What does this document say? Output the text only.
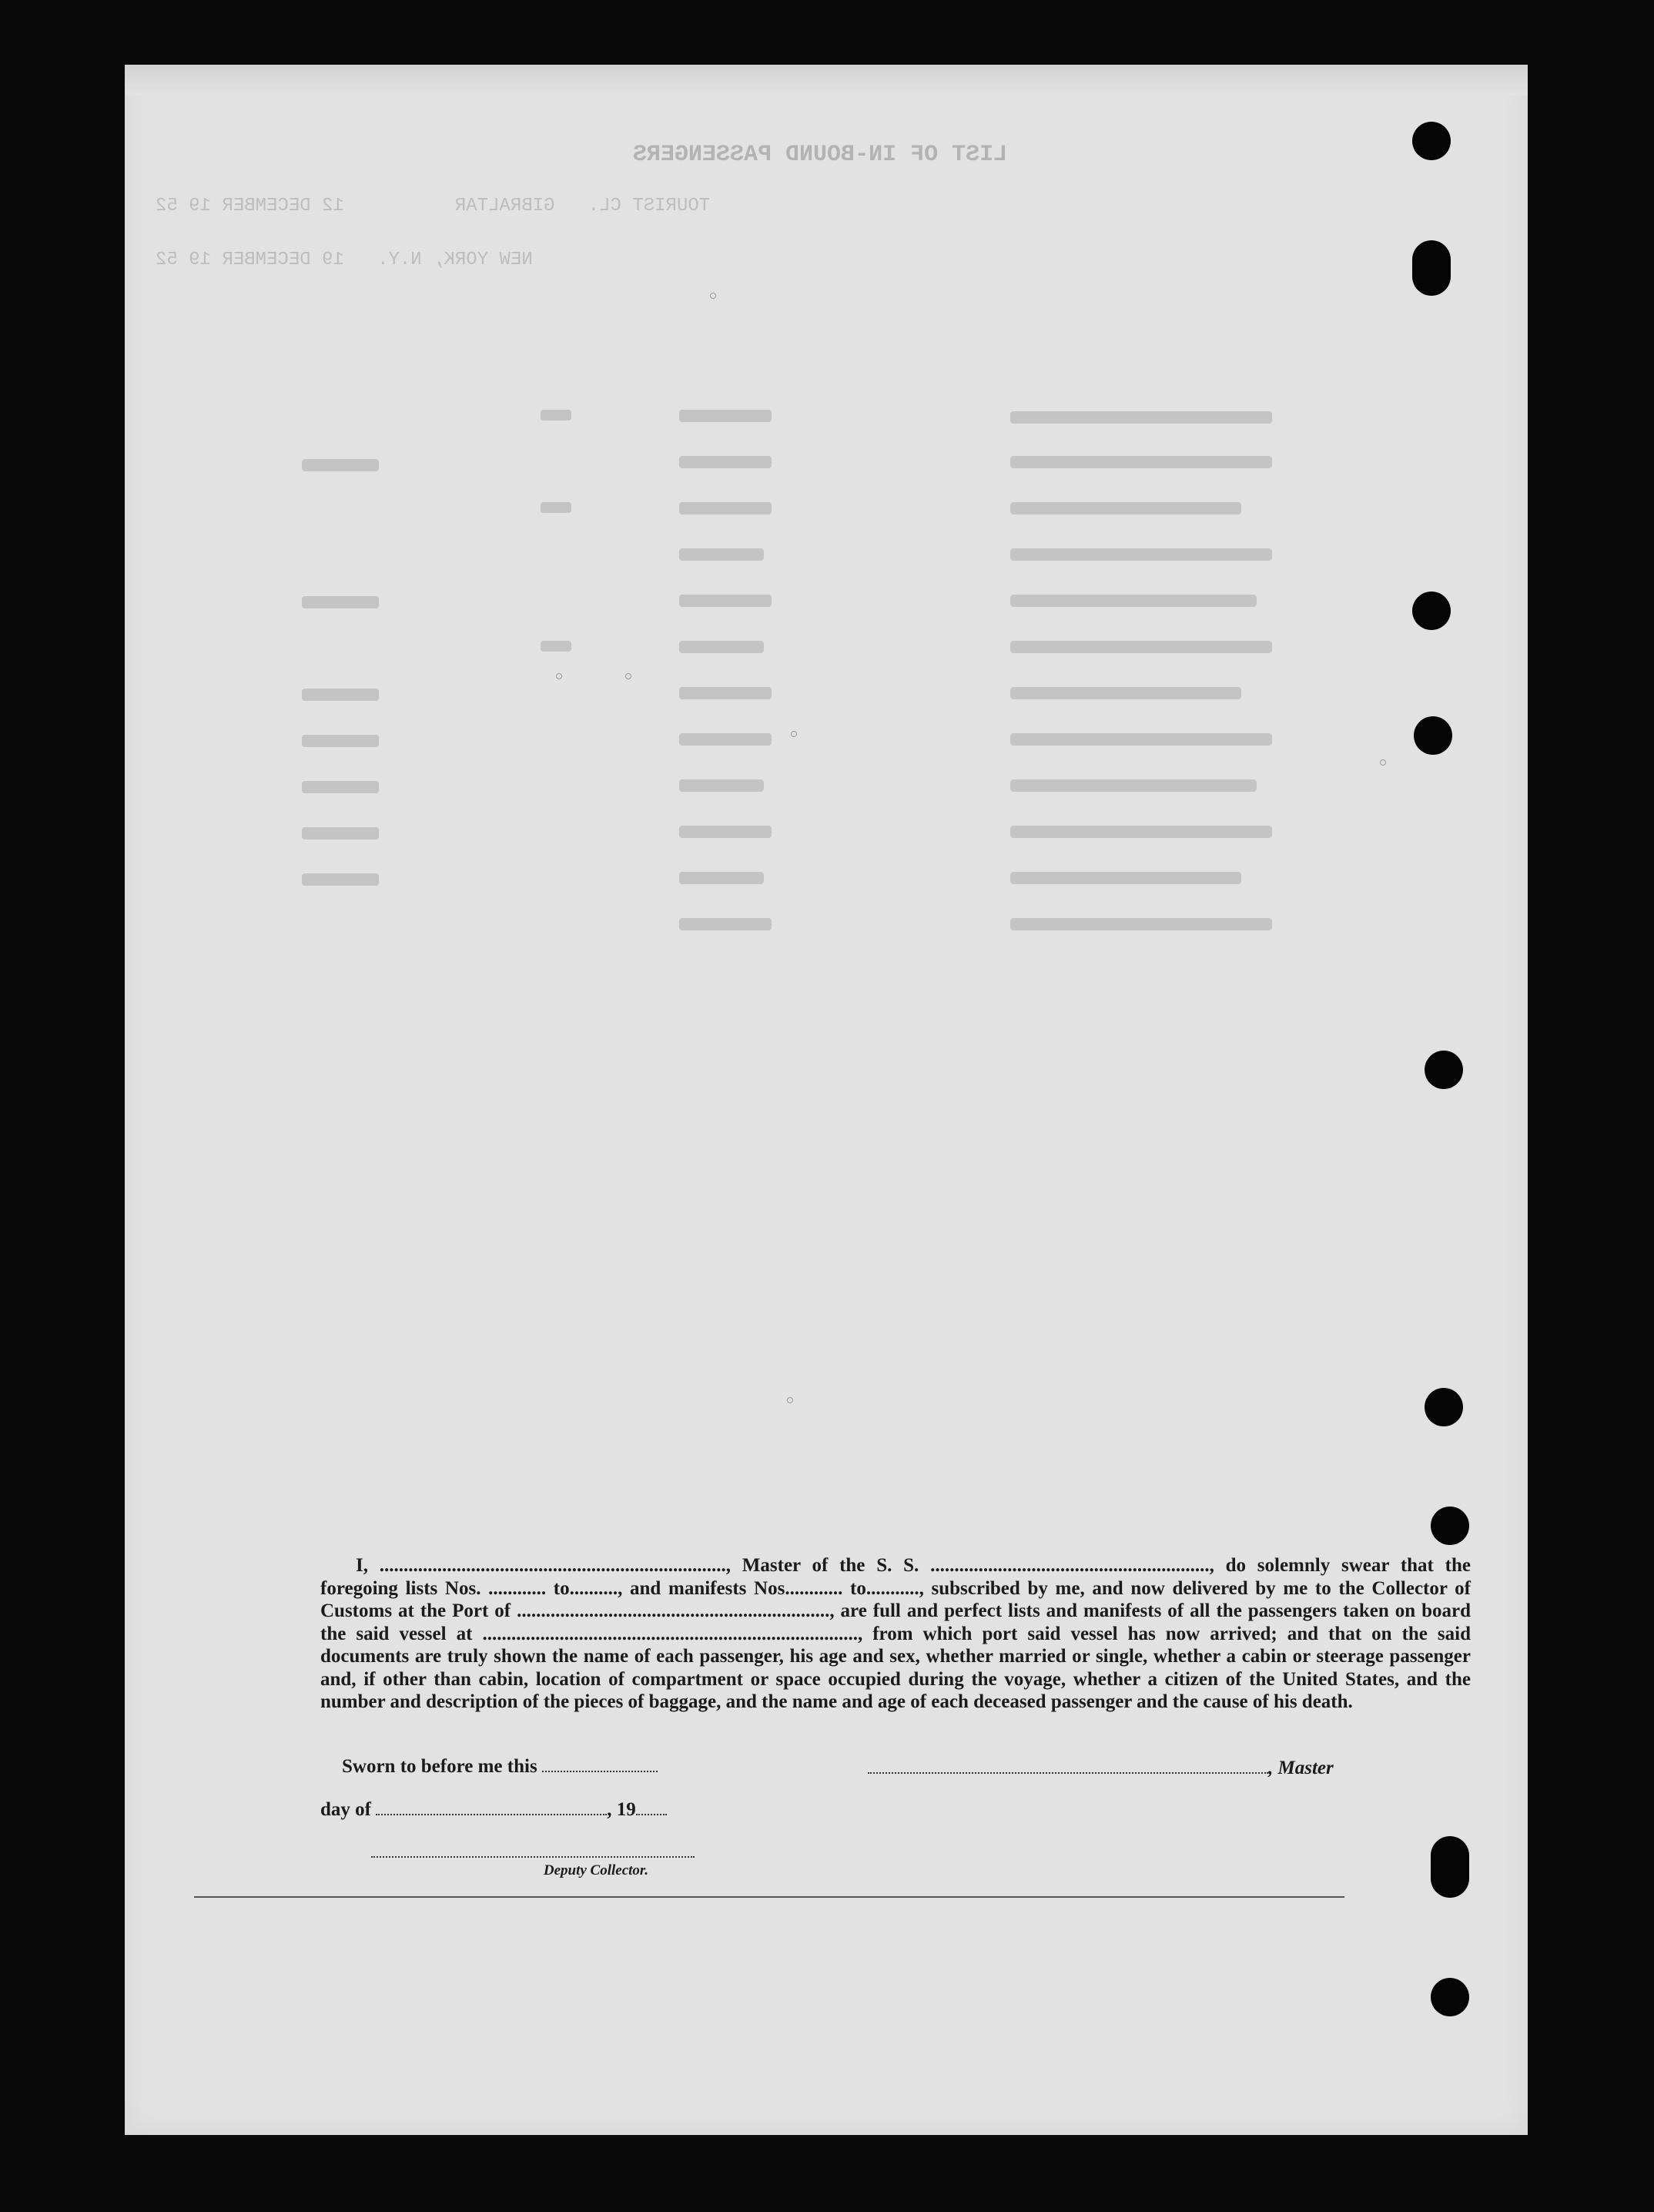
LIST OF IN-BOUND PASSENGERS
TOURIST CL.   GIBRALTAR          12 DECEMBER 19 52
NEW YORK, N.Y.   19 DECEMBER 19 52

I, ........................................................................, Master of the S. S. .........................................................., do solemnly swear that the foregoing lists Nos. ............ to.........., and manifests Nos............ to..........., subscribed by me, and now delivered by me to the Collector of Customs at the Port of ................................................................., are full and perfect lists and manifests of all the passengers taken on board the said vessel at .............................................................................., from which port said vessel has now arrived; and that on the said documents are truly shown the name of each passenger, his age and sex, whether married or single, whether a cabin or steerage passenger and, if other than cabin, location of compartment or space occupied during the voyage, whether a citizen of the United States, and the number and description of the pieces of baggage, and the name and age of each deceased passenger and the cause of his death.

Sworn to before me this	, Master
day of	, 19
Deputy Collector.
